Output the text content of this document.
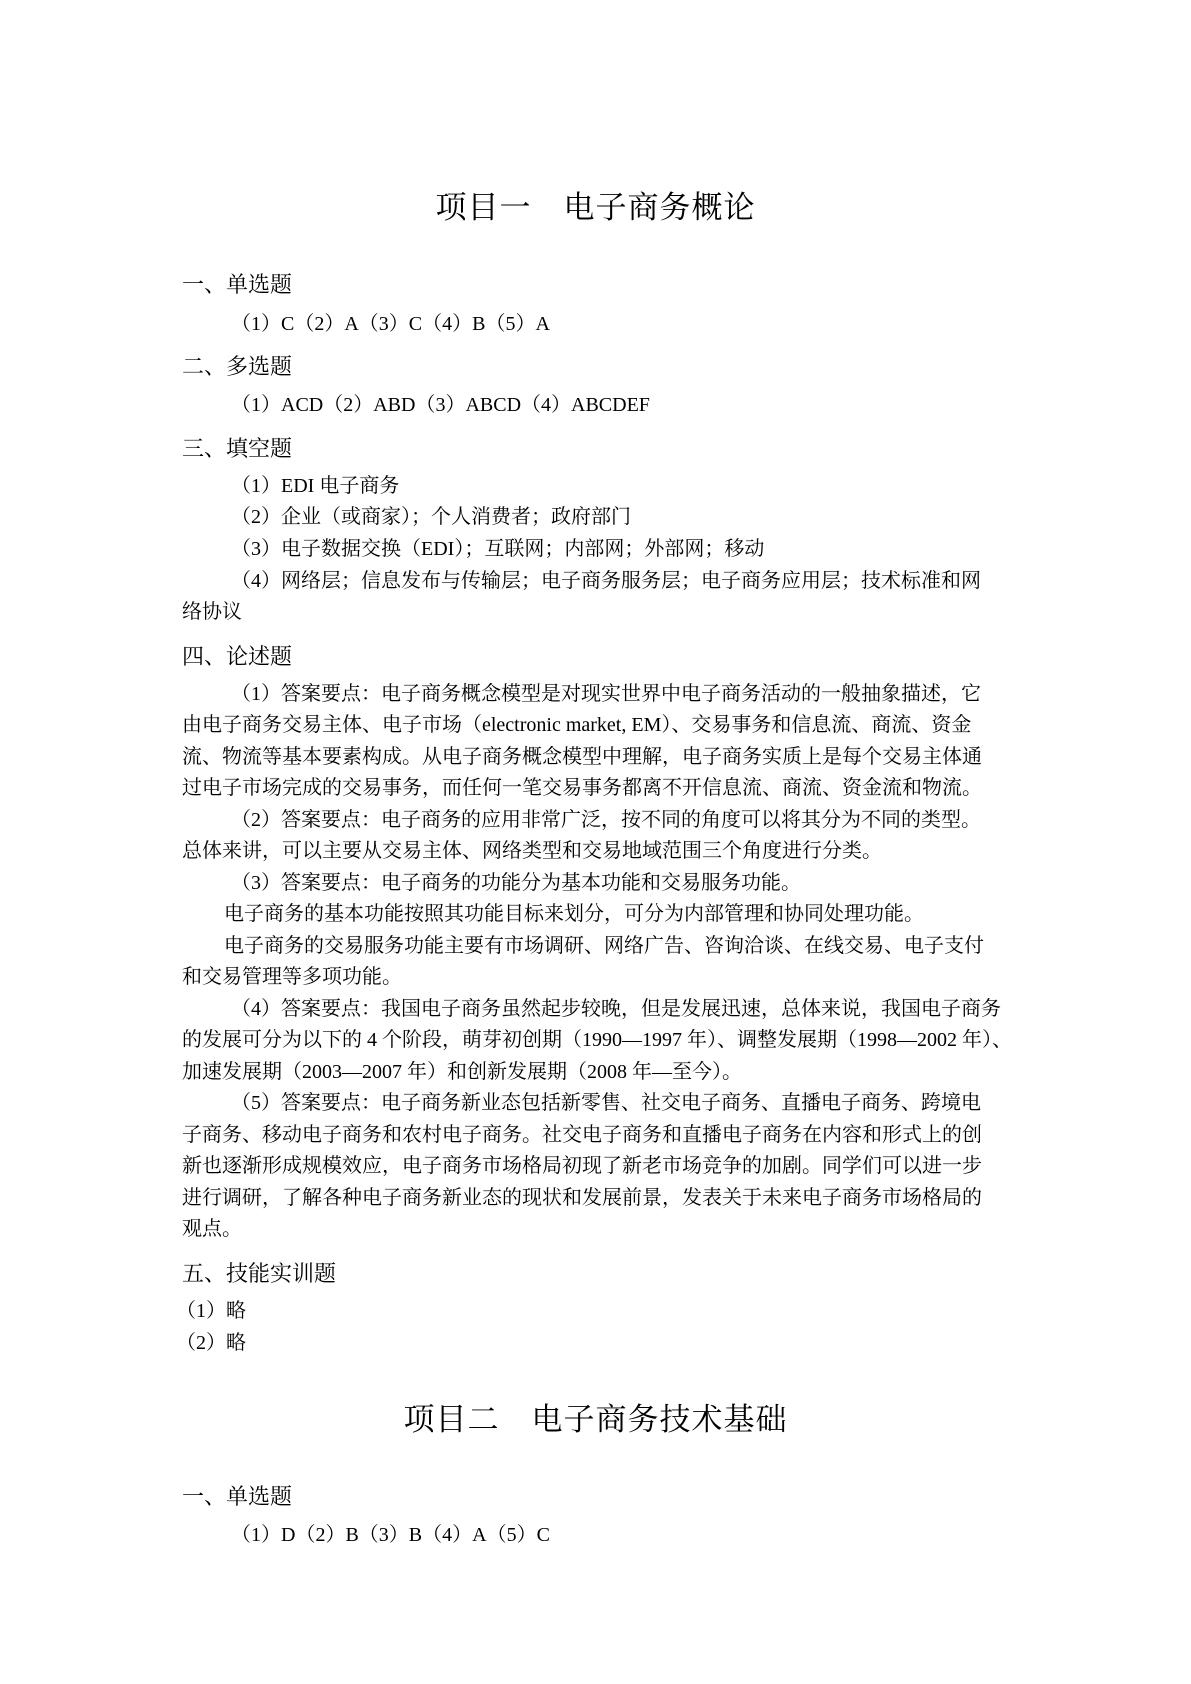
项目一　电子商务概论
一、单选题

（1）C（2）A（3）C（4）B（5）A

二、多选题

（1）ACD（2）ABD（3）ABCD（4）ABCDEF

三、填空题

（1）EDI 电子商务

（2）企业（或商家）；个人消费者；政府部门

（3）电子数据交换（EDI）；互联网；内部网；外部网；移动

（4）网络层；信息发布与传输层；电子商务服务层；电子商务应用层；技术标准和网

络协议

四、论述题

（1）答案要点：电子商务概念模型是对现实世界中电子商务活动的一般抽象描述，它

由电子商务交易主体、电子市场（electronic market, EM）、交易事务和信息流、商流、资金

流、物流等基本要素构成。从电子商务概念模型中理解，电子商务实质上是每个交易主体通

过电子市场完成的交易事务，而任何一笔交易事务都离不开信息流、商流、资金流和物流。

（2）答案要点：电子商务的应用非常广泛，按不同的角度可以将其分为不同的类型。

总体来讲，可以主要从交易主体、网络类型和交易地域范围三个角度进行分类。

（3）答案要点：电子商务的功能分为基本功能和交易服务功能。

电子商务的基本功能按照其功能目标来划分，可分为内部管理和协同处理功能。

电子商务的交易服务功能主要有市场调研、网络广告、咨询洽谈、在线交易、电子支付

和交易管理等多项功能。

（4）答案要点：我国电子商务虽然起步较晚，但是发展迅速，总体来说，我国电子商务

的发展可分为以下的 4 个阶段，萌芽初创期（1990—1997 年）、调整发展期（1998—2002 年）、

加速发展期（2003—2007 年）和创新发展期（2008 年—至今）。

（5）答案要点：电子商务新业态包括新零售、社交电子商务、直播电子商务、跨境电

子商务、移动电子商务和农村电子商务。社交电子商务和直播电子商务在内容和形式上的创

新也逐渐形成规模效应，电子商务市场格局初现了新老市场竞争的加剧。同学们可以进一步

进行调研，了解各种电子商务新业态的现状和发展前景，发表关于未来电子商务市场格局的

观点。

五、技能实训题

（1）略

（2）略

项目二　电子商务技术基础
一、单选题

（1）D（2）B（3）B（4）A（5）C
